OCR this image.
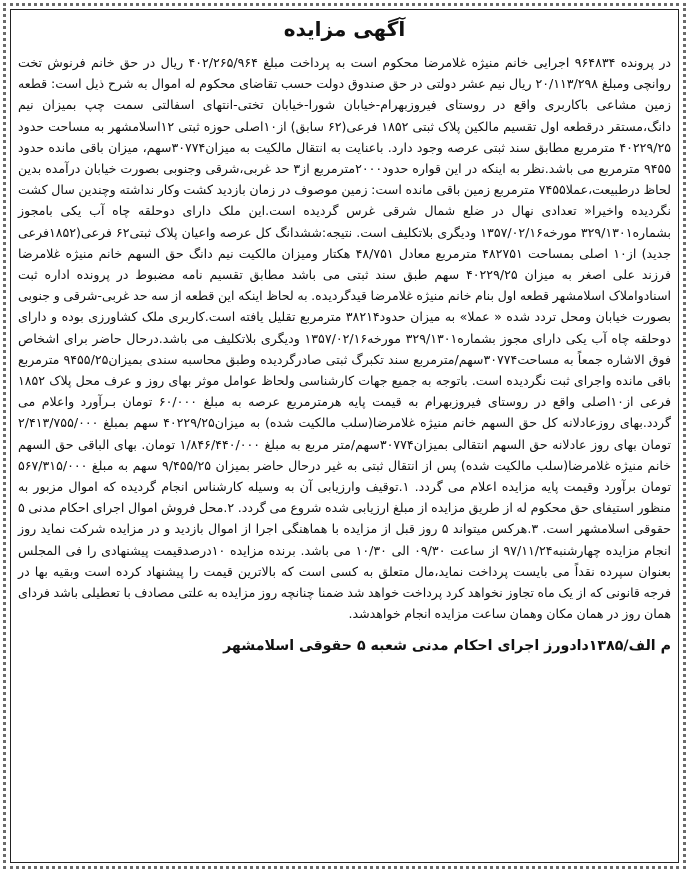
آگهی مزایده

در پرونده ۹۶۴۸۳۴ اجرایی خانم منیژه غلامرضا محکوم است به پرداخت مبلغ ۴۰۲/۲۶۵/۹۶۴ ریال در حق خانم فرنوش تخت روانچی ومبلغ ۲۰/۱۱۳/۲۹۸ ریال نیم عشر دولتی در حق صندوق دولت حسب تقاضای محکوم له اموال به شرح ذیل است: قطعه زمین مشاعی باکاربری واقع در روستای فیروزبهرام-خیابان شورا-خیابان تختی-انتهای اسفالتی سمت چپ بمیزان نیم دانگ،مستقر درقطعه اول تقسیم مالکین پلاک ثبتی ۱۸۵۲ فرعی(۶۲ سابق) از۱۰اصلی حوزه ثبتی ۱۲اسلامشهر به مساحت حدود ۴۰۲۲۹/۲۵ مترمربع مطابق سند ثبتی عرصه وجود دارد. باعنایت به انتقال مالکیت به میزان۳۰۷۷۴سهم، میزان باقی مانده حدود ۹۴۵۵ مترمربع می باشد.نظر به اینکه در این قواره حدود۲۰۰۰مترمربع از۳ حد غربی،شرقی وجنوبی بصورت خیابان درآمده بدین لحاظ درطبیعت،عملا۷۴۵۵ مترمربع زمین باقی مانده است: زمین موصوف در زمان بازدید کشت وکار نداشته وچندین سال کشت نگردیده واخیرا« تعدادی نهال در ضلع شمال شرقی غرس گردیده است.این ملک دارای دوحلقه چاه آب یکی بامجوز بشماره۳۲۹/۱۳۰۱ مورخه۱۳۵۷/۰۲/۱۶ ودیگری بلاتکلیف است. نتیجه:ششدانگ کل عرصه واعیان پلاک ثبتی۶۲ فرعی(۱۸۵۲فرعی جدید) از۱۰ اصلی بمساحت ۴۸۲۷۵۱ مترمربع معادل ۴۸/۷۵۱ هکتار ومیزان مالکیت نیم دانگ حق السهم خانم منیژه غلامرضا فرزند علی اصغر به میزان ۴۰۲۲۹/۲۵ سهم طبق سند ثبتی می باشد مطابق تقسیم نامه مضبوط در پرونده اداره ثبت اسنادواملاک اسلامشهر قطعه اول بنام خانم منیژه غلامرضا قیدگردیده. به لحاظ اینکه این قطعه از سه حد غربی-شرقی و جنوبی بصورت خیابان ومحل تردد شده « عملا» به میزان حدود۳۸۲۱۴ مترمربع تقلیل یافته است.کاربری ملک کشاورزی بوده و دارای دوحلقه چاه آب یکی دارای مجوز بشماره۳۲۹/۱۳۰۱ مورخه۱۳۵۷/۰۲/۱۶ ودیگری بلاتکلیف می باشد.درحال حاضر برای اشخاص فوق الاشاره جمعاً به مساحت۳۰۷۷۴سهم/مترمربع سند تکبرگ ثبتی صادرگردیده وطبق محاسبه سندی بمیزان۹۴۵۵/۲۵ مترمربع باقی مانده واجرای ثبت نگردیده است. باتوجه به جمیع جهات کارشناسی ولحاظ عوامل موثر بهای روز و عرف محل پلاک ۱۸۵۲ فرعی از۱۰اصلی واقع در روستای فیروزبهرام به قیمت پایه هرمترمربع عرصه به مبلغ ۶۰/۰۰۰ تومان بـرآورد واعلام می گردد.بهای روزعادلانه کل حق السهم خانم منیژه غلامرضا(سلب مالکیت شده) به میزان۴۰۲۲۹/۲۵ سهم بمبلغ ۲/۴۱۳/۷۵۵/۰۰۰ تومان بهای روز عادلانه حق السهم انتقالی بمیزان۳۰۷۷۴سهم/متر مربع به مبلغ ۱/۸۴۶/۴۴۰/۰۰۰ تومان. بهای الباقی حق السهم خانم منیژه غلامرضا(سلب مالکیت شده) پس از انتقال ثبتی به غیر درحال حاضر بمیزان ۹/۴۵۵/۲۵ سهم به مبلغ ۵۶۷/۳۱۵/۰۰۰ تومان برآورد وقیمت پایه مزایده اعلام می گردد. ۱.توقیف وارزیابی آن به وسیله کارشناس انجام گردیده که اموال مزبور به منظور استیفای حق محکوم له از طریق مزایده از مبلغ ارزیابی شده شروع می گردد. ۲.محل فروش اموال اجرای احکام مدنی ۵ حقوقی اسلامشهر است. ۳.هرکس میتواند ۵ روز قبل از مزایده با هماهنگی اجرا از اموال بازدید و در مزایده شرکت نماید روز انجام مزایده چهارشنبه۹۷/۱۱/۲۴ از ساعت ۰۹/۳۰ الی ۱۰/۳۰ می باشد. برنده مزایده ۱۰درصدقیمت پیشنهادی را فی المجلس بعنوان سپرده نقداً می بایست پرداخت نماید،مال متعلق به کسی است که بالاترین قیمت را پیشنهاد کرده است وبقیه بها در فرجه قانونی که از یک ماه تجاوز نخواهد کرد پرداخت خواهد شد ضمنا چنانچه روز مزایده به علتی مصادف با تعطیلی باشد فردای همان روز در همان مکان وهمان ساعت مزایده انجام خواهدشد.

م الف/۱۳۸۵دادورز اجرای احکام مدنی شعبه ۵ حقوقی اسلامشهر
